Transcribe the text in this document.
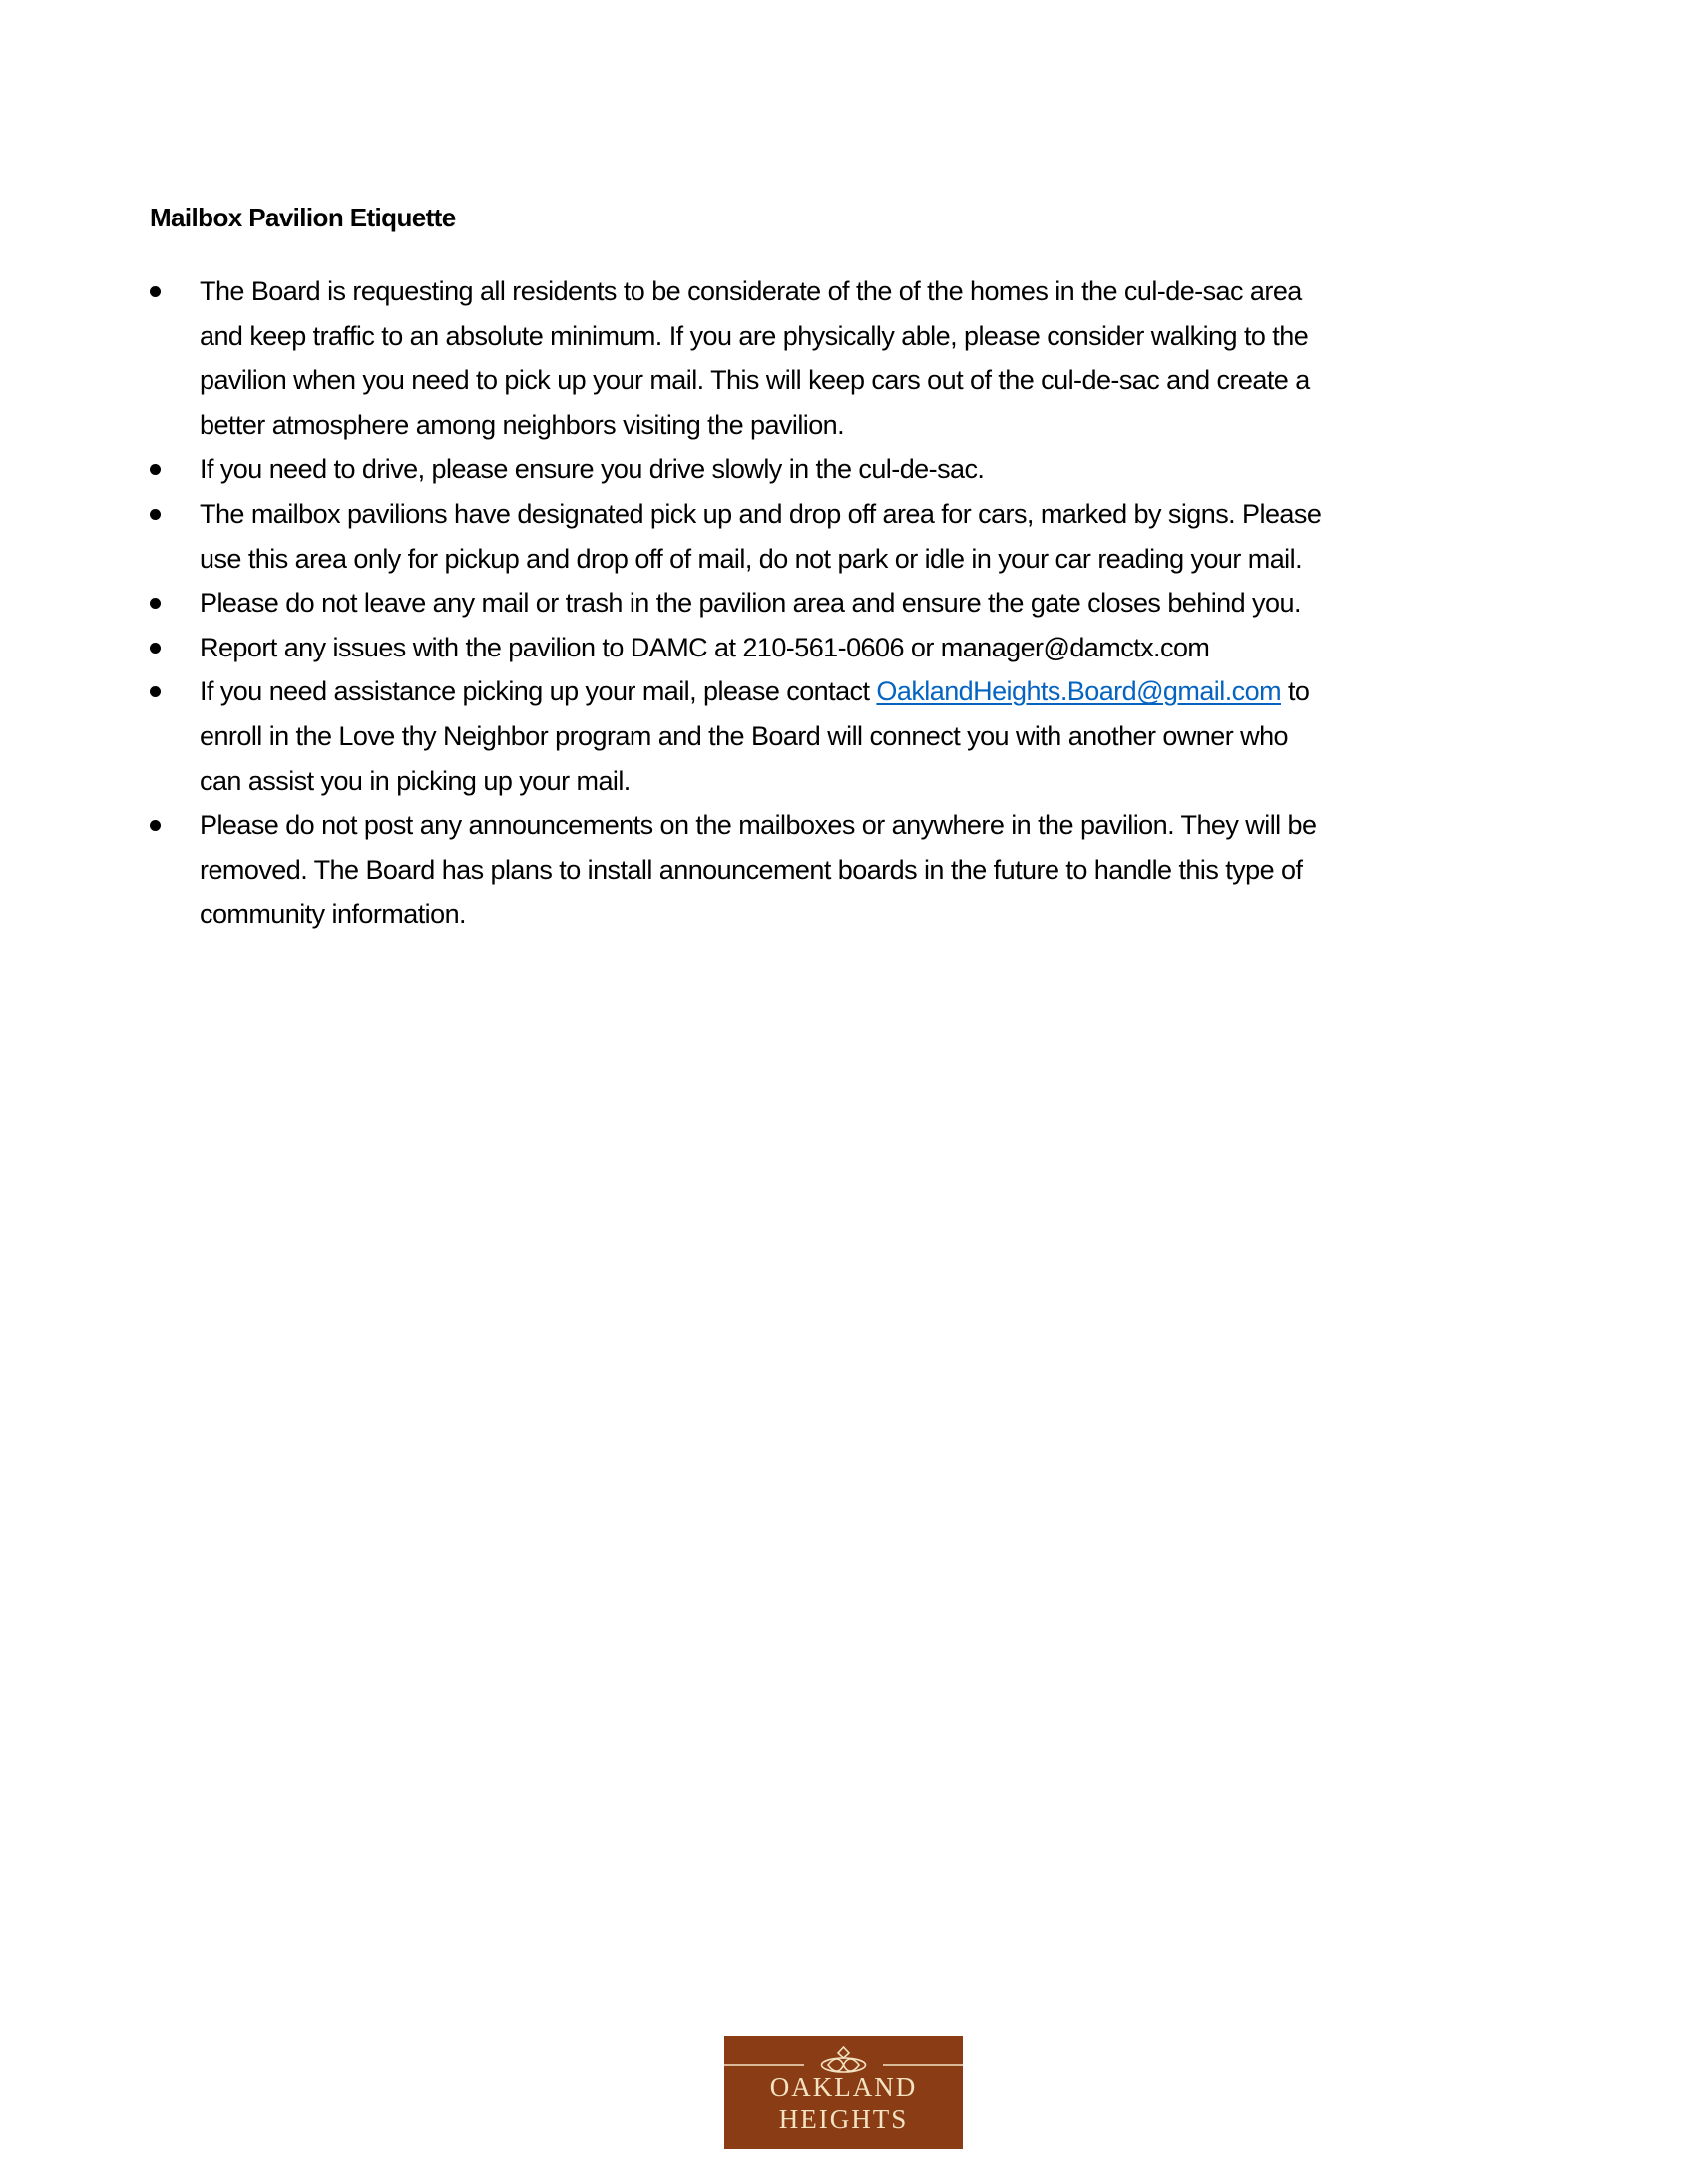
Mailbox Pavilion Etiquette
The Board is requesting all residents to be considerate of the of the homes in the cul-de-sac area
and keep traffic to an absolute minimum. If you are physically able, please consider walking to the
pavilion when you need to pick up your mail. This will keep cars out of the cul-de-sac and create a
better atmosphere among neighbors visiting the pavilion.
If you need to drive, please ensure you drive slowly in the cul-de-sac.
The mailbox pavilions have designated pick up and drop off area for cars, marked by signs. Please
use this area only for pickup and drop off of mail, do not park or idle in your car reading your mail.
Please do not leave any mail or trash in the pavilion area and ensure the gate closes behind you.
Report any issues with the pavilion to DAMC at 210-561-0606 or manager@damctx.com
If you need assistance picking up your mail, please contact OaklandHeights.Board@gmail.com to
enroll in the Love thy Neighbor program and the Board will connect you with another owner who
can assist you in picking up your mail.
Please do not post any announcements on the mailboxes or anywhere in the pavilion. They will be
removed. The Board has plans to install announcement boards in the future to handle this type of
community information.
OAKLAND
HEIGHTS
